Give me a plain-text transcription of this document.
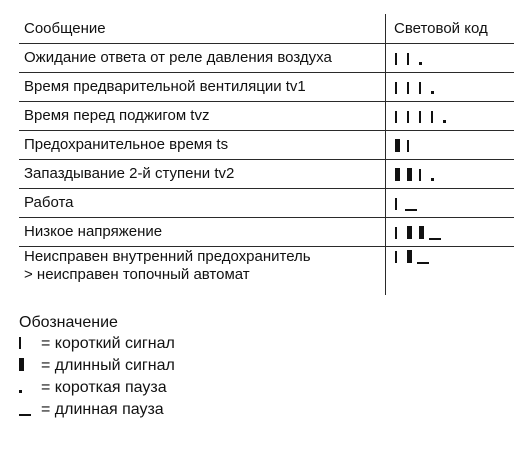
Сообщение	Световой код
Ожидание ответа от реле давления воздуха
Время предварительной вентиляции tv1
Время перед поджигом tvz
Предохранительное время ts
Запаздывание 2-й ступени tv2
Работа
Низкое напряжение
Неисправен внутренний предохранитель
> неисправен топочный автомат
Обозначение
= короткий сигнал
= длинный сигнал
= короткая пауза
= длинная пауза
